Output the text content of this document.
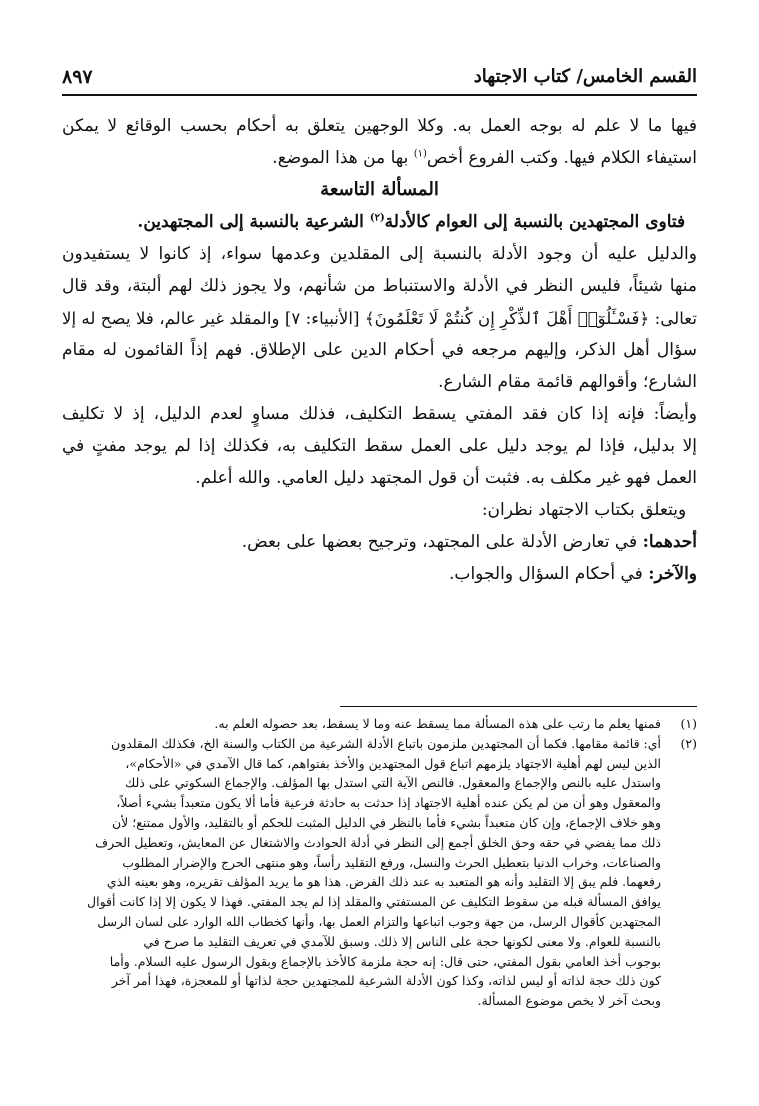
القسم الخامس/ كتاب الاجتهاد
٨٩٧
فيها ما لا علم له بوجه العمل به. وكلا الوجهين يتعلق به أحكام بحسب الوقائع لا يمكن
استيفاء الكلام فيها. وكتب الفروع أخص$^{(١)}$ بها من هذا الموضع.
المسألة التاسعة
فتاوى المجتهدين بالنسبة إلى العوام كالأدلة$^{(٢)}$ الشرعية بالنسبة إلى المجتهدين.
والدليل عليه أن وجود الأدلة بالنسبة إلى المقلدين وعدمها سواء، إذ كانوا لا يستفيدون
منها شيئاً، فليس النظر في الأدلة والاستنباط من شأنهم، ولا يجوز ذلك لهم ألبتة، وقد قال
تعالى: ﴿فَسْـَٔلُوٓا۟ أَهْلَ ٱلذِّكْرِ إِن كُنتُمْ لَا تَعْلَمُونَ﴾ [الأنبياء: ٧] والمقلد غير عالم، فلا يصح له إلا
سؤال أهل الذكر، وإليهم مرجعه في أحكام الدين على الإطلاق. فهم إذاً القائمون له مقام
الشارع؛ وأقوالهم قائمة مقام الشارع.
وأيضاً: فإنه إذا كان فقد المفتي يسقط التكليف، فذلك مساوٍ لعدم الدليل، إذ لا تكليف
إلا بدليل، فإذا لم يوجد دليل على العمل سقط التكليف به، فكذلك إذا لم يوجد مفتٍ في
العمل فهو غير مكلف به. فثبت أن قول المجتهد دليل العامي. والله أعلم.
ويتعلق بكتاب الاجتهاد نظران:
أحدهما: في تعارض الأدلة على المجتهد، وترجيح بعضها على بعض.
والآخر: في أحكام السؤال والجواب.
(١)فمنها يعلم ما رتب على هذه المسألة مما يسقط عنه وما لا يسقط، بعد حصوله العلم به.
(٢)أي: قائمة مقامها. فكما أن المجتهدين ملزمون باتباع الأدلة الشرعية من الكتاب والسنة الخ، فكذلك المقلدون
الذين ليس لهم أهلية الاجتهاد يلزمهم اتباع قول المجتهدين والأخذ بفتواهم، كما قال الآمدي في «الأحكام»،
واستدل عليه بالنص والإجماع والمعقول. فالنص الآية التي استدل بها المؤلف. والإجماع السكوتي على ذلك
والمعقول وهو أن من لم يكن عنده أهلية الاجتهاد إذا حدثت به حادثة فرعية فأما ألا يكون متعبداً بشيء أصلاً،
وهو خلاف الإجماع، وإن كان متعبداً بشيء فأما بالنظر في الدليل المثبت للحكم أو بالتقليد، والأول ممتنع؛ لأن
ذلك مما يفضي في حقه وحق الخلق أجمع إلى النظر في أدلة الحوادث والاشتغال عن المعايش، وتعطيل الحرف
والصناعات، وخراب الدنيا بتعطيل الحرث والنسل، ورفع التقليد رأساً، وهو منتهى الحرج والإضرار المطلوب
رفعهما. فلم يبق إلا التقليد وأنه هو المتعبد به عند ذلك الفرض. هذا هو ما يريد المؤلف تقريره، وهو بعينه الذي
يوافق المسألة قبله من سقوط التكليف عن المستفتي والمقلد إذا لم يجد المفتي. فهذا لا يكون إلا إذا كانت أقوال
المجتهدين كأقوال الرسل، من جهة وجوب اتباعها والتزام العمل بها، وأنها كخطاب الله الوارد على لسان الرسل
بالنسبة للعوام. ولا معنى لكونها حجة على الناس إلا ذلك. وسبق للآمدي في تعريف التقليد ما صرح في
بوجوب أخذ العامي بقول المفتي، حتى قال: إنه حجة ملزمة كالأخذ بالإجماع وبقول الرسول عليه السلام. وأما
كون ذلك حجة لذاته أو ليس لذاته، وكذا كون الأدلة الشرعية للمجتهدين حجة لذاتها أو للمعجزة، فهذا أمر آخر
وبحث آخر لا يخص موضوع المسألة.
